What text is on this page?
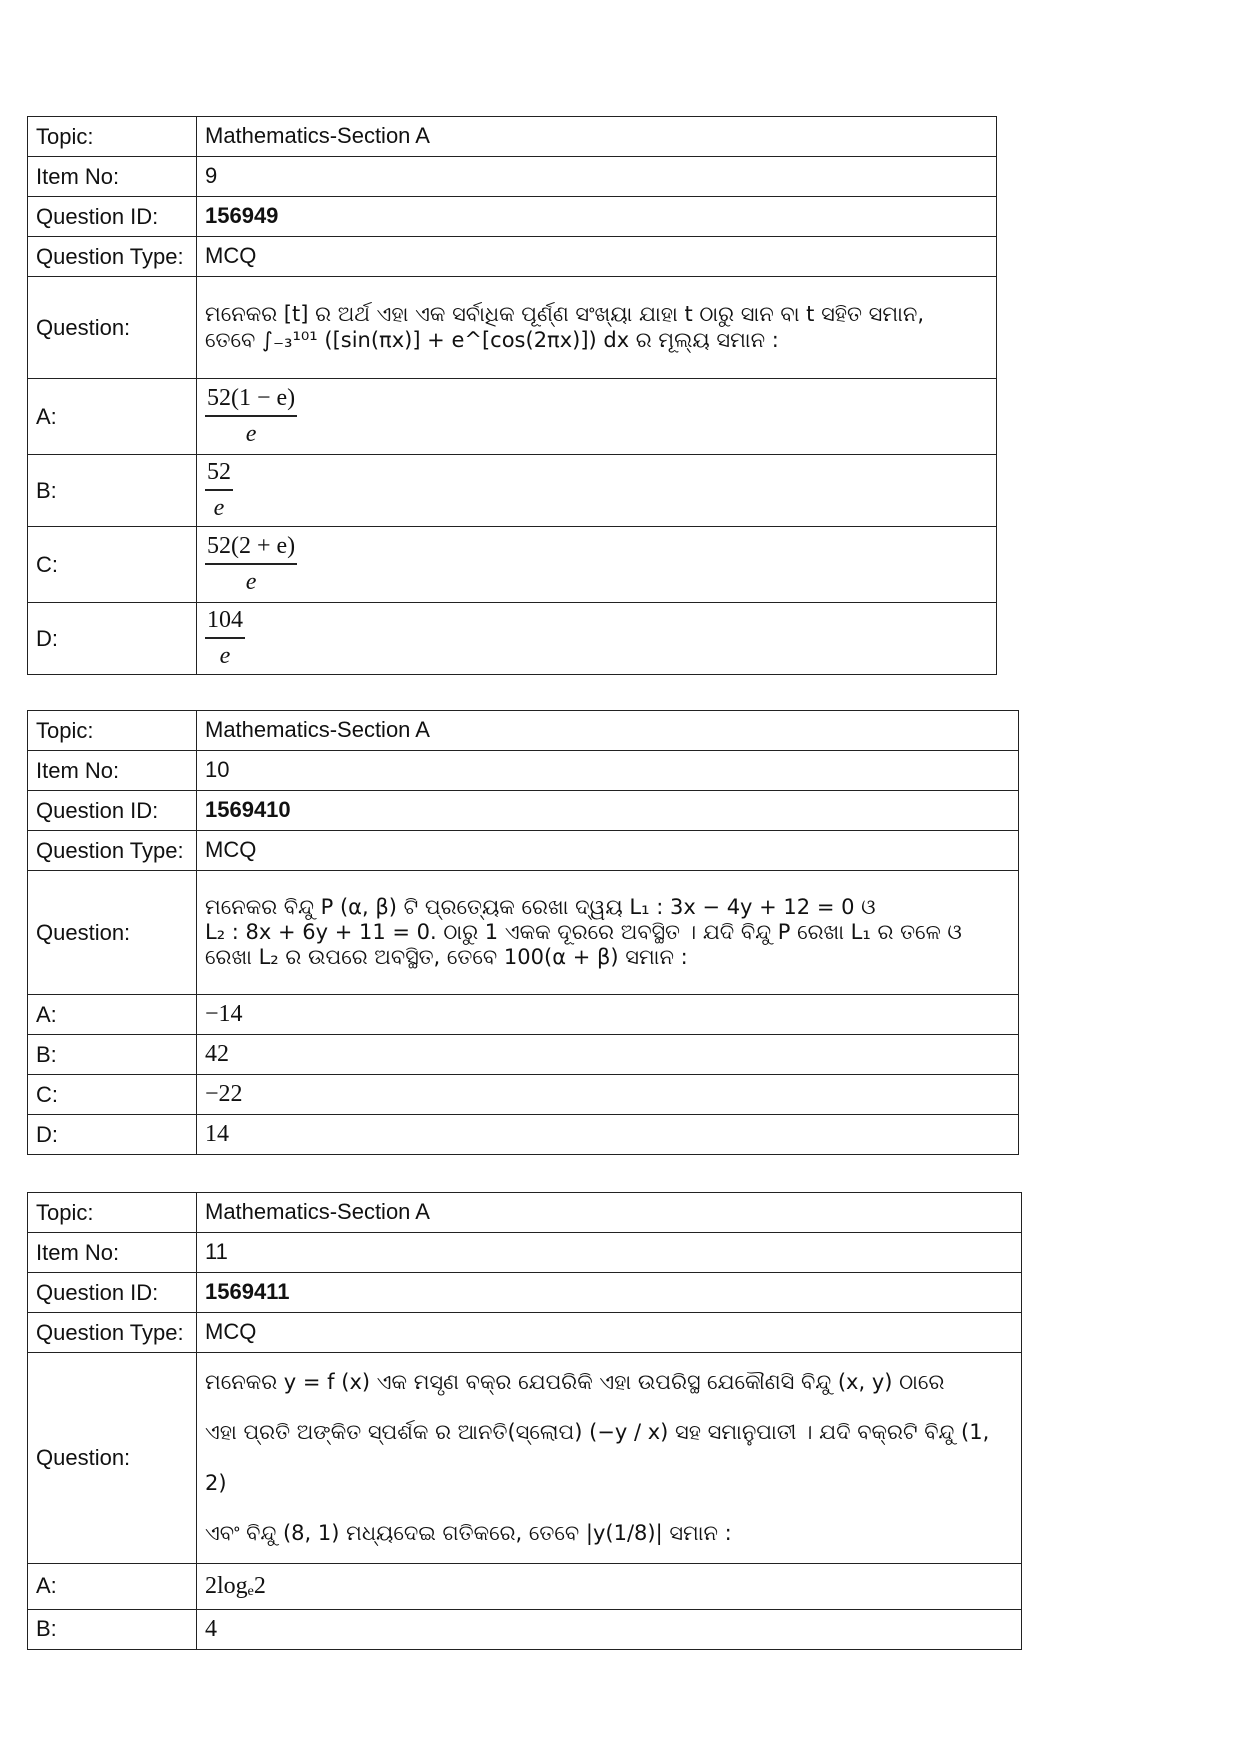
Topic:	Mathematics-Section A
Item No:	9
Question ID:	156949
Question Type:	MCQ
Question:	ମନେକର [t] ର ଅର୍ଥ ଏହା ଏକ ସର୍ବାଧିକ ପୂର୍ଣ୍ଣ ସଂଖ୍ୟା ଯାହା t ଠାରୁ ସାନ ବା t ସହିତ ସମାନ,
ତେବେ ∫₋₃¹⁰¹ ([sin(πx)] + e^[cos(2πx)]) dx ର ମୂଲ୍ୟ ସମାନ :

A:	$\frac{52(1 - e)}{e}$

B:	$\frac{52}{e}$

C:	$\frac{52(2 + e)}{e}$

D:	$\frac{104}{e}$
Topic:	Mathematics-Section A
Item No:	10
Question ID:	1569410
Question Type:	MCQ
Question:	ମନେକର ବିନ୍ଦୁ P (α, β) ଟି ପ୍ରତ୍ୟେକ ରେଖା ଦ୍ୱୟ L₁ : 3x − 4y + 12 = 0 ଓ
L₂ : 8x + 6y + 11 = 0. ଠାରୁ 1 ଏକକ ଦୂରରେ ଅବସ୍ଥିତ । ଯଦି ବିନ୍ଦୁ P ରେଖା L₁ ର ତଳେ ଓ
ରେଖା L₂ ର ଉପରେ ଅବସ୍ଥିତ, ତେବେ 100(α + β) ସମାନ :

A:	−14
B:	42
C:	−22
D:	14
Topic:	Mathematics-Section A
Item No:	11
Question ID:	1569411
Question Type:	MCQ
Question:	ମନେକର y = f (x) ଏକ ମସୃଣ ବକ୍ର ଯେପରିକି ଏହା ଉପରିସ୍ଥ ଯେକୌଣସି ବିନ୍ଦୁ (x, y) ଠାରେ
ଏହା ପ୍ରତି ଅଙ୍କିତ ସ୍ପର୍ଶକ ର ଆନତି(ସ୍ଲୋପ) (−y / x) ସହ ସମାନୁପାତୀ । ଯଦି ବକ୍ରଟି ବିନ୍ଦୁ (1, 2)
ଏବଂ ବିନ୍ଦୁ (8, 1) ମଧ୍ୟଦେଇ ଗତିକରେ, ତେବେ |y(1/8)| ସମାନ :

A:	2logₑ2
B:	4
